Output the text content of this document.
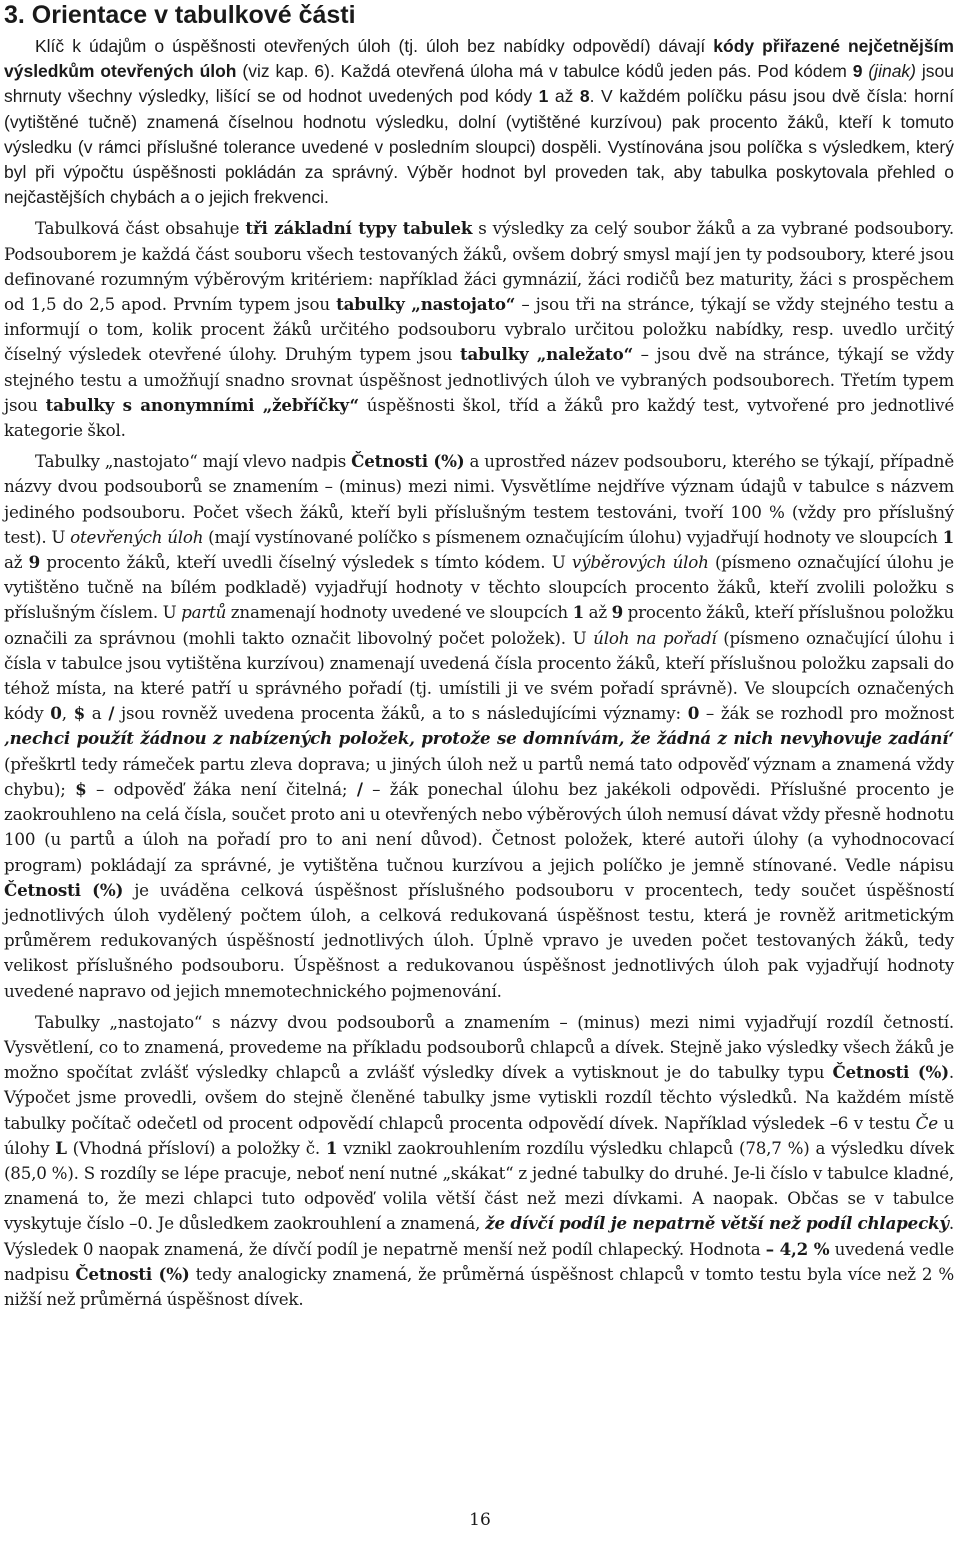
3. Orientace v tabulkové části

Klíč k údajům o úspěšnosti otevřených úloh (tj. úloh bez nabídky odpovědí) dávají kódy přiřazené nejčetnějším výsledkům otevřených úloh (viz kap. 6). Každá otevřená úloha má v tabulce kódů jeden pás. Pod kódem 9 (jinak) jsou shrnuty všechny výsledky, lišící se od hodnot uvedených pod kódy 1 až 8. V každém políčku pásu jsou dvě čísla: horní (vytištěné tučně) znamená číselnou hodnotu výsledku, dolní (vytištěné kurzívou) pak procento žáků, kteří k tomuto výsledku (v rámci příslušné tolerance uvedené v posledním sloupci) dospěli. Vystínována jsou políčka s výsledkem, který byl při výpočtu úspěšnosti pokládán za správný. Výběr hodnot byl proveden tak, aby tabulka poskytovala přehled o nejčastějších chybách a o jejich frekvenci.

Tabulková část obsahuje tři základní typy tabulek s výsledky za celý soubor žáků a za vybrané podsoubory. Podsouborem je každá část souboru všech testovaných žáků, ovšem dobrý smysl mají jen ty podsoubory, které jsou definované rozumným výběrovým kritériem: například žáci gymnázií, žáci rodičů bez maturity, žáci s prospěchem od 1,5 do 2,5 apod. Prvním typem jsou tabulky „nastojato“ – jsou tři na stránce, týkají se vždy stejného testu a informují o tom, kolik procent žáků určitého podsouboru vybralo určitou položku nabídky, resp. uvedlo určitý číselný výsledek otevřené úlohy. Druhým typem jsou tabulky „naležato“ – jsou dvě na stránce, týkají se vždy stejného testu a umožňují snadno srovnat úspěšnost jednotlivých úloh ve vybraných podsouborech. Třetím typem jsou tabulky s anonymními „žebříčky“ úspěšnosti škol, tříd a žáků pro každý test, vytvořené pro jednotlivé kategorie škol.

Tabulky „nastojato“ mají vlevo nadpis Četnosti (%) a uprostřed název podsouboru, kterého se týkají, případně názvy dvou podsouborů se znamením – (minus) mezi nimi. Vysvětlíme nejdříve význam údajů v tabulce s názvem jediného podsouboru. Počet všech žáků, kteří byli příslušným testem testováni, tvoří 100 % (vždy pro příslušný test). U otevřených úloh (mají vystínované políčko s písmenem označujícím úlohu) vyjadřují hodnoty ve sloupcích 1 až 9 procento žáků, kteří uvedli číselný výsledek s tímto kódem. U výběrových úloh (písmeno označující úlohu je vytištěno tučně na bílém podkladě) vyjadřují hodnoty v těchto sloupcích procento žáků, kteří zvolili položku s příslušným číslem. U partů znamenají hodnoty uvedené ve sloupcích 1 až 9 procento žáků, kteří příslušnou položku označili za správnou (mohli takto označit libovolný počet položek). U úloh na pořadí (písmeno označující úlohu i čísla v tabulce jsou vytištěna kurzívou) znamenají uvedená čísla procento žáků, kteří příslušnou položku zapsali do téhož místa, na které patří u správného pořadí (tj. umístili ji ve svém pořadí správně). Ve sloupcích označených kódy 0, $ a / jsou rovněž uvedena procenta žáků, a to s následujícími významy: 0 – žák se rozhodl pro možnost ‚nechci použít žádnou z nabízených položek, protože se domnívám, že žádná z nich nevyhovuje zadání‘ (přeškrtl tedy rámeček partu zleva doprava; u jiných úloh než u partů nemá tato odpověď význam a znamená vždy chybu); $ – odpověď žáka není čitelná; / – žák ponechal úlohu bez jakékoli odpovědi. Příslušné procento je zaokrouhleno na celá čísla, součet proto ani u otevřených nebo výběrových úloh nemusí dávat vždy přesně hodnotu 100 (u partů a úloh na pořadí pro to ani není důvod). Četnost položek, které autoři úlohy (a vyhodnocovací program) pokládají za správné, je vytištěna tučnou kurzívou a jejich políčko je jemně stínované. Vedle nápisu Četnosti (%) je uváděna celková úspěšnost příslušného podsouboru v procentech, tedy součet úspěšností jednotlivých úloh vydělený počtem úloh, a celková redukovaná úspěšnost testu, která je rovněž aritmetickým průměrem redukovaných úspěšností jednotlivých úloh. Úplně vpravo je uveden počet testovaných žáků, tedy velikost příslušného podsouboru. Úspěšnost a redukovanou úspěšnost jednotlivých úloh pak vyjadřují hodnoty uvedené napravo od jejich mnemotechnického pojmenování.

Tabulky „nastojato“ s názvy dvou podsouborů a znamením – (minus) mezi nimi vyjadřují rozdíl četností. Vysvětlení, co to znamená, provedeme na příkladu podsouborů chlapců a dívek. Stejně jako výsledky všech žáků je možno spočítat zvlášť výsledky chlapců a zvlášť výsledky dívek a vytisknout je do tabulky typu Četnosti (%). Výpočet jsme provedli, ovšem do stejně členěné tabulky jsme vytiskli rozdíl těchto výsledků. Na každém místě tabulky počítač odečetl od procent odpovědí chlapců procenta odpovědí dívek. Například výsledek –6 v testu Če u úlohy L (Vhodná přísloví) a položky č. 1 vznikl zaokrouhlením rozdílu výsledku chlapců (78,7 %) a výsledku dívek (85,0 %). S rozdíly se lépe pracuje, neboť není nutné „skákat“ z jedné tabulky do druhé. Je-li číslo v tabulce kladné, znamená to, že mezi chlapci tuto odpověď volila větší část než mezi dívkami. A naopak. Občas se v tabulce vyskytuje číslo –0. Je důsledkem zaokrouhlení a znamená, že dívčí podíl je nepatrně větší než podíl chlapecký. Výsledek 0 naopak znamená, že dívčí podíl je nepatrně menší než podíl chlapecký. Hodnota – 4,2 % uvedená vedle nadpisu Četnosti (%) tedy analogicky znamená, že průměrná úspěšnost chlapců v tomto testu byla více než 2 % nižší než průměrná úspěšnost dívek.

16
